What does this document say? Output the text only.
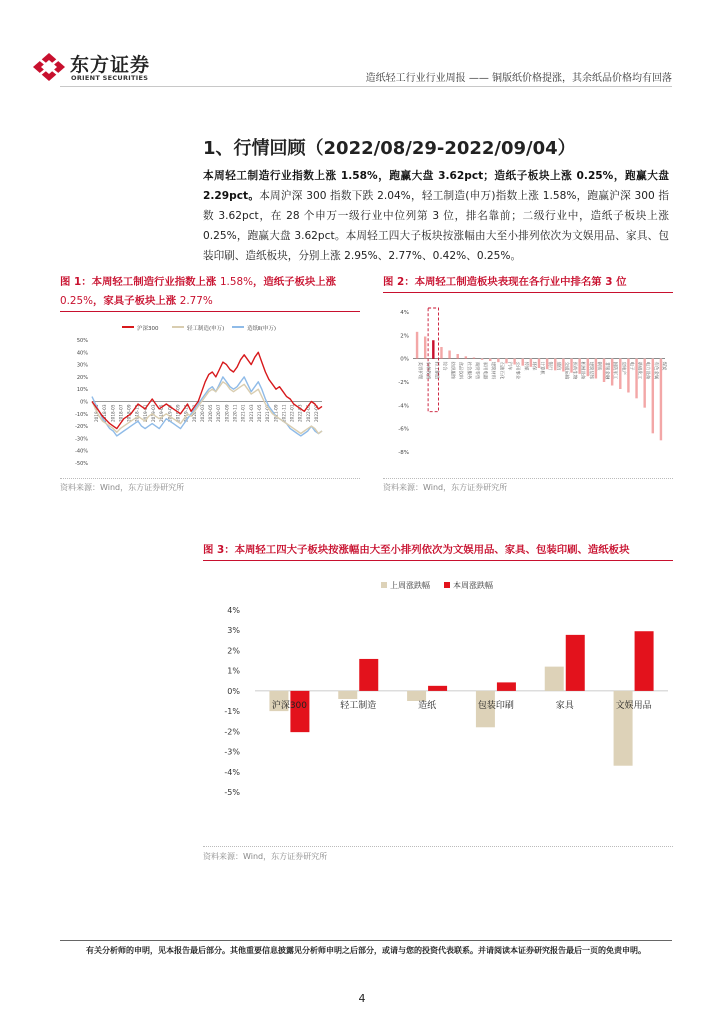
东方证券
ORIENT SECURITIES	造纸轻工行业行业周报 —— 铜版纸价格提涨，其余纸品价格均有回落
1、行情回顾（2022/08/29-2022/09/04）
本周轻工制造行业指数上涨 1.58%，跑赢大盘 3.62pct；造纸子板块上涨 0.25%，跑赢大盘 2.29pct。本周沪深 300 指数下跌 2.04%，轻工制造(申万)指数上涨 1.58%，跑赢沪深 300 指数 3.62pct，在 28 个申万一级行业中位列第 3 位，排名靠前；二级行业中，造纸子板块上涨 0.25%，跑赢大盘 3.62pct。本周轻工四大子板块按涨幅由大至小排列依次为文娱用品、家具、包装印刷、造纸板块，分别上涨 2.95%、2.77%、0.42%、0.25%。
图 1：本周轻工制造行业指数上涨 1.58%，造纸子板块上涨 0.25%，家具子板块上涨 2.77%
沪深300	轻工制造(申万)	造纸Ⅱ(申万)
50%
40%
30%
20%
10%
0%
-10%
-20%
-30%
-40%
-50%
2018-01 2018-03 2018-05 2018-07 2018-09 2018-11 2019-01 2019-03 2019-05 2019-07 2019-09 2019-11 2020-01 2020-03 2020-05 2020-07 2020-09 2020-11 2021-01 2021-03 2021-05 2021-07 2021-09 2021-11 2022-01 2022-03 2022-05 2022-07
资料来源：Wind，东方证券研究所
图 2：本周轻工制造板块表现在各行业中排名第 3 位
4%
2%
0%
-2%
-4%
-6%
-8%
美容护理 农林牧渔 轻工制造 综合 纺织服饰 食品饮料 社会服务 商贸零售 家用电器 建筑材料 石油石化 汽车 公用事业 传媒 环保 计算机 银行 通信 交通运输 医药生物 机械设备 建筑装饰 钢铁 非银金融 国防军工 房地产 电子 基础化工 电力设备 有色金属 煤炭
资料来源：Wind，东方证券研究所
图 3：本周轻工四大子板块按涨幅由大至小排列依次为文娱用品、家具、包装印刷、造纸板块
上周涨跌幅	本周涨跌幅
4%
3%
2%
1%
0%
-1%
-2%
-3%
-4%
-5%
沪深300	轻工制造	造纸	包装印刷	家具	文娱用品
资料来源：Wind，东方证券研究所
有关分析师的申明，见本报告最后部分。其他重要信息披露见分析师申明之后部分，或请与您的投资代表联系。并请阅读本证券研究报告最后一页的免责申明。
4
